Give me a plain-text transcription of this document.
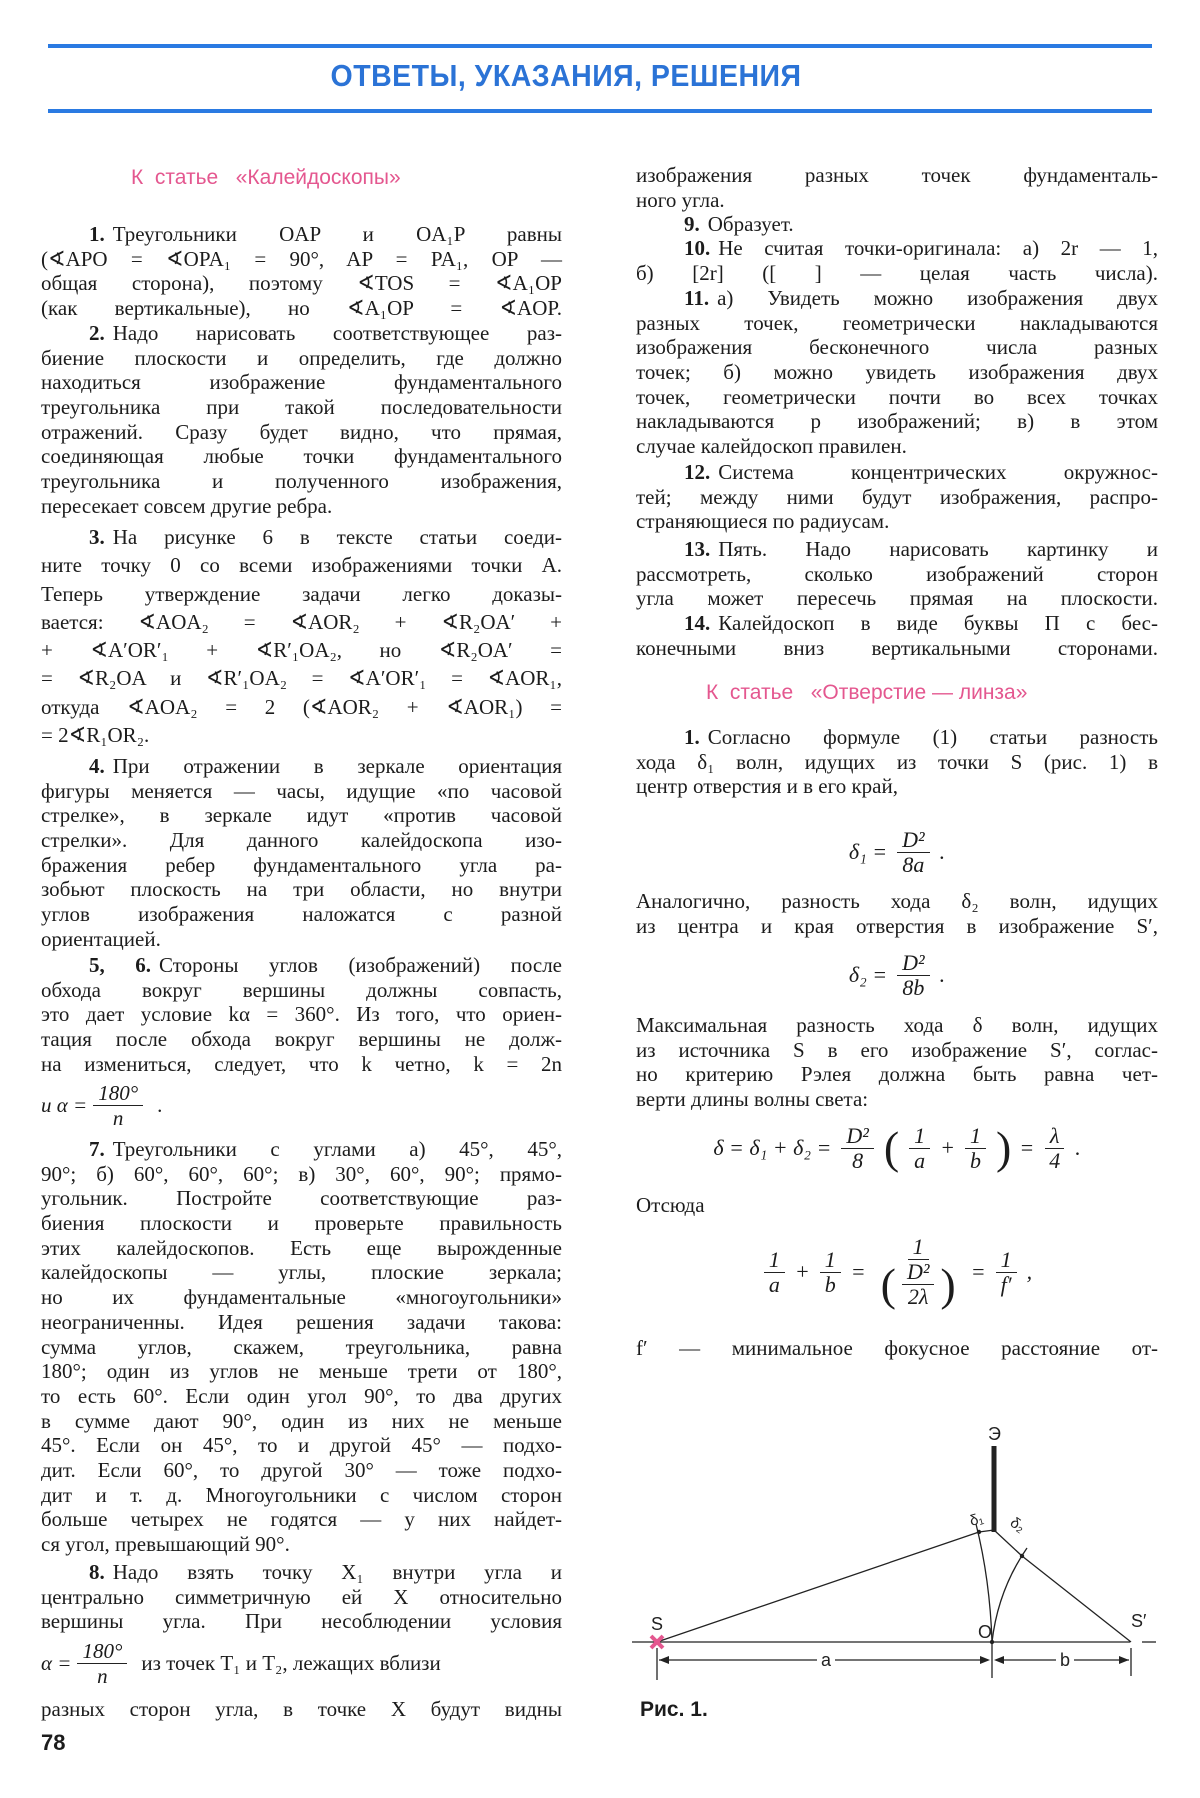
ОТВЕТЫ, УКАЗАНИЯ, РЕШЕНИЯ
К  статье   «Калейдоскопы»
1. Треугольники OAP и OA₁P равны
(∢APO = ∢OPA₁ = 90°, AP = PA₁, OP —
общая сторона), поэтому ∢TOS = ∢A₁OP
(как вертикальные), но ∢A₁OP = ∢AOP.
2. Надо нарисовать соответствующее раз-
биение плоскости и определить, где должно
находиться изображение фундаментального
треугольника при такой последовательности
отражений. Сразу будет видно, что прямая,
соединяющая любые точки фундаментального
треугольника и полученного изображения,
пересекает совсем другие ребра.
3. На рисунке 6 в тексте статьи соеди-
ните точку 0 со всеми изображениями точки A.
Теперь утверждение задачи легко доказы-
вается: ∢AOA₂ = ∢AOR₂ + ∢R₂OA′ +
+ ∢A′OR′₁ + ∢R′₁OA₂, но ∢R₂OA′ =
= ∢R₂OA и ∢R′₁OA₂ = ∢A′OR′₁ = ∢AOR₁,
откуда ∢AOA₂ = 2 (∢AOR₂ + ∢AOR₁) =
= 2∢R₁OR₂.
4. При отражении в зеркале ориентация
фигуры меняется — часы, идущие «по часовой
стрелке», в зеркале идут «против часовой
стрелки». Для данного калейдоскопа изо-
бражения ребер фундаментального угла ра-
зобьют плоскость на три области, но внутри
углов изображения наложатся с разной
ориентацией.
5, 6. Стороны углов (изображений) после
обхода вокруг вершины должны совпасть,
это дает условие kα = 360°. Из того, что ориен-
тация после обхода вокруг вершины не долж-
на измениться, следует, что k четно, k = 2n
и $\alpha = \frac{180^\circ}{n}$ .
7. Треугольники с углами а) 45°, 45°,
90°; б) 60°, 60°, 60°; в) 30°, 60°, 90°; прямо-
угольник. Постройте соответствующие раз-
биения плоскости и проверьте правильность
этих калейдоскопов. Есть еще вырожденные
калейдоскопы — углы, плоские зеркала;
но их фундаментальные «многоугольники»
неограниченны. Идея решения задачи такова:
сумма углов, скажем, треугольника, равна
180°; один из углов не меньше трети от 180°,
то есть 60°. Если один угол 90°, то два других
в сумме дают 90°, один из них не меньше
45°. Если он 45°, то и другой 45° — подхо-
дит. Если 60°, то другой 30° — тоже подхо-
дит и т. д. Многоугольники с числом сторон
больше четырех не годятся — у них найдет-
ся угол, превышающий 90°.
8. Надо взять точку X₁ внутри угла и
центрально симметричную ей X относительно
вершины угла. При несоблюдении условия
$\alpha = \frac{180^\circ}{n}$ из точек T₁ и T₂, лежащих вблизи
разных сторон угла, в точке X будут видны
78
изображения разных точек фундаменталь-
ного угла.
9. Образует.
10. Не считая точки-оригинала: а) 2r — 1,
б) [2r] ([ ] — целая часть числа).
11. а) Увидеть можно изображения двух
разных точек, геометрически накладываются
изображения бесконечного числа разных
точек; б) можно увидеть изображения двух
точек, геометрически почти во всех точках
накладываются p изображений; в) в этом
случае калейдоскоп правилен.
12. Система концентрических окружнос-
тей; между ними будут изображения, распро-
страняющиеся по радиусам.
13. Пять. Надо нарисовать картинку и
рассмотреть, сколько изображений сторон
угла может пересечь прямая на плоскости.
14. Калейдоскоп в виде буквы П с бес-
конечными вниз вертикальными сторонами.
К  статье   «Отверстие — линза»
1. Согласно формуле (1) статьи разность
хода δ₁ волн, идущих из точки S (рис. 1) в
центр отверстия и в его край,
$\delta_1 = \frac{\text{D²}}{8a}$ .
Аналогично, разность хода δ₂ волн, идущих
из центра и края отверстия в изображение S′,
$\delta_2 = \frac{\text{D²}}{8b}$ .
Максимальная разность хода δ волн, идущих
из источника S в его изображение S′, соглас-
но критерию Рэлея должна быть равна чет-
верти длины волны света:
$\delta = \delta_1 + \delta_2 = \frac{\text{D²}}{8}$ ( $\frac{1}{a} + \frac{1}{b}$ ) = $\frac{\lambda}{4}$ .
Отсюда
$\frac{1}{a} + \frac{1}{b} = \frac{1}{( \frac{\text{D²}}{2\lambda} )} = \frac{1}{f'}$ ,
f′ — минимальное фокусное расстояние от-
Э
δ₁ δ₂
S	O
S′
a	b
Рис. 1.
